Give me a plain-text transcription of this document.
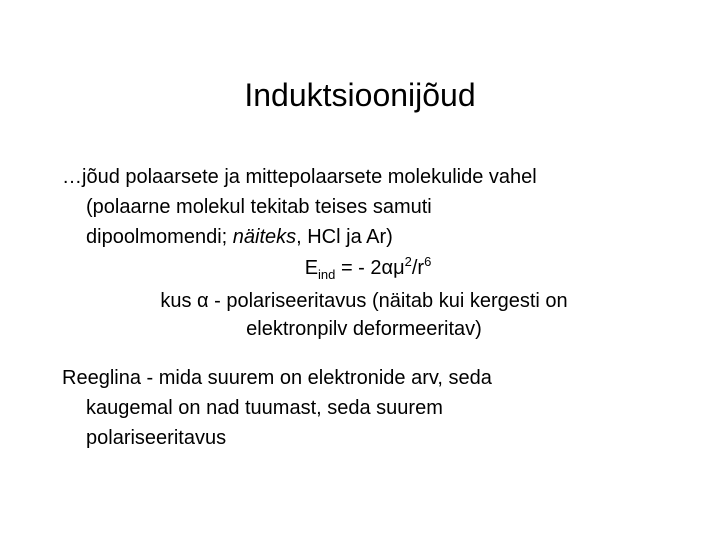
Induktsioonijõud
…jõud polaarsete ja mittepolaarsete molekulide vahel
(polaarne molekul tekitab teises samuti
dipoolmomendi; näiteks, HCl ja Ar)
$E_{ind}$ = - $2\alpha\mu^2/r^6$
kus α - polariseeritavus (näitab kui kergesti on
elektronpilv deformeeritav)
Reeglina - mida suurem on elektronide arv, seda
kaugemal on nad tuumast, seda suurem
polariseeritavus
